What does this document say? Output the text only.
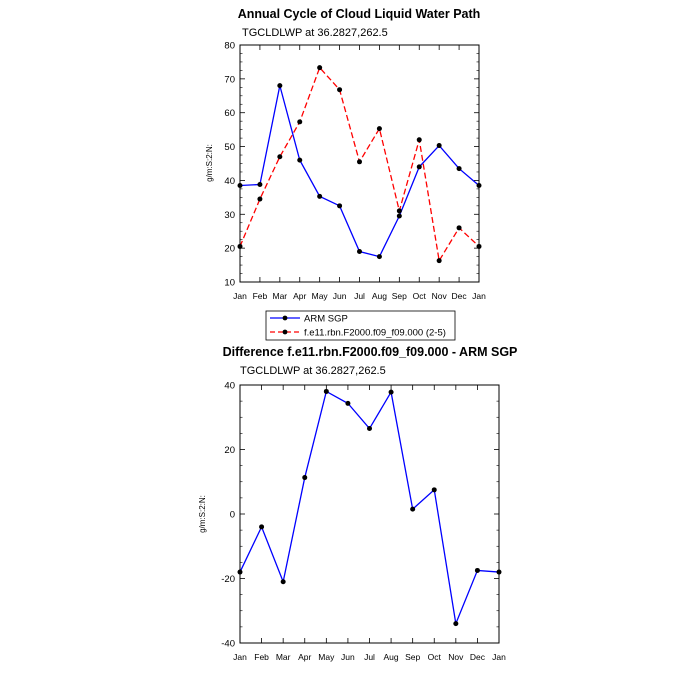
Annual Cycle of Cloud Liquid Water Path
TGCLDLWP at 36.2827,262.5
g/m:S:2:N:
10
20
30
40
50
60
70
80
Jan Feb Mar Apr May Jun Jul Aug Sep Oct Nov Dec Jan
ARM SGP
f.e11.rbn.F2000.f09_f09.000 (2-5)
Difference f.e11.rbn.F2000.f09_f09.000 - ARM SGP
TGCLDLWP at 36.2827,262.5
g/m:S:2:N:
-40
-20
0
20
40
Jan Feb Mar Apr May Jun Jul Aug Sep Oct Nov Dec Jan
